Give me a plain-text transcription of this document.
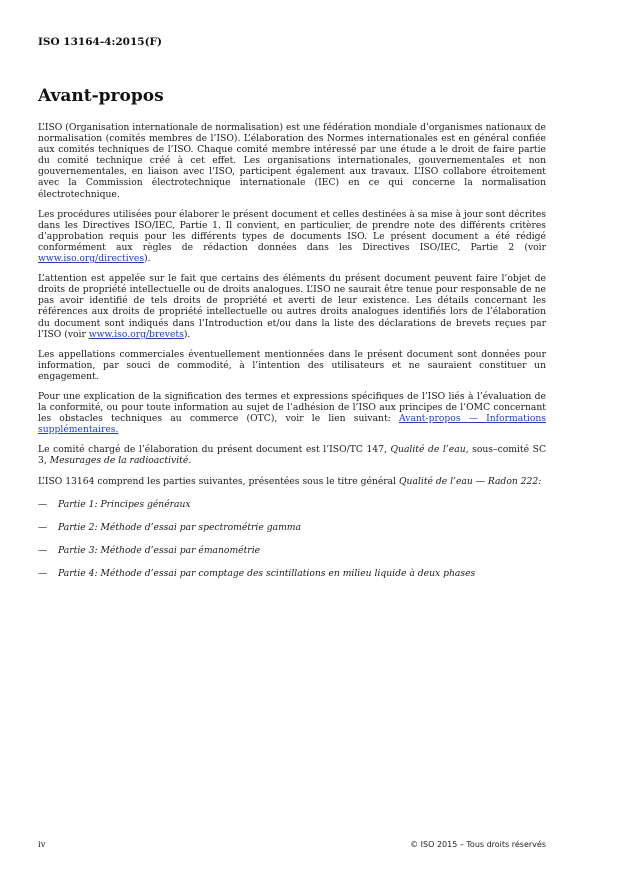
ISO 13164-4:2015(F)
Avant-propos

L’ISO (Organisation internationale de normalisation) est une fédération mondiale d’organismes nationaux de normalisation (comités membres de l’ISO). L’élaboration des Normes internationales est en général confiée aux comités techniques de l’ISO. Chaque comité membre intéressé par une étude a le droit de faire partie du comité technique créé à cet effet. Les organisations internationales, gouvernementales et non gouvernementales, en liaison avec l’ISO, participent également aux travaux. L’ISO collabore étroitement avec la Commission électrotechnique internationale (IEC) en ce qui concerne la normalisation électrotechnique.

Les procédures utilisées pour élaborer le présent document et celles destinées à sa mise à jour sont décrites dans les Directives ISO/IEC, Partie 1. Il convient, en particulier, de prendre note des différents critères d’approbation requis pour les différents types de documents ISO. Le présent document a été rédigé conformément aux règles de rédaction données dans les Directives ISO/IEC, Partie 2 (voir www.iso.org/directives).

L’attention est appelée sur le fait que certains des éléments du présent document peuvent faire l’objet de droits de propriété intellectuelle ou de droits analogues. L’ISO ne saurait être tenue pour responsable de ne pas avoir identifié de tels droits de propriété et averti de leur existence. Les détails concernant les références aux droits de propriété intellectuelle ou autres droits analogues identifiés lors de l’élaboration du document sont indiqués dans l’Introduction et/ou dans la liste des déclarations de brevets reçues par l’ISO (voir www.iso.org/brevets).

Les appellations commerciales éventuellement mentionnées dans le présent document sont données pour information, par souci de commodité, à l’intention des utilisateurs et ne sauraient constituer un engagement.

Pour une explication de la signification des termes et expressions spécifiques de l’ISO liés à l’évaluation de la conformité, ou pour toute information au sujet de l’adhésion de l’ISO aux principes de l’OMC concernant les obstacles techniques au commerce (OTC), voir le lien suivant: Avant-propos — Informations supplémentaires.

Le comité chargé de l’élaboration du présent document est l’ISO/TC 147, Qualité de l’eau, sous–comité SC 3, Mesurages de la radioactivité.

L’ISO 13164 comprend les parties suivantes, présentées sous le titre général Qualité de l’eau — Radon 222:

—	Partie 1: Principes généraux
—	Partie 2: Méthode d’essai par spectrométrie gamma
—	Partie 3: Méthode d’essai par émanométrie
—	Partie 4: Méthode d’essai par comptage des scintillations en milieu liquide à deux phases
iv	© ISO 2015 – Tous droits réservés
